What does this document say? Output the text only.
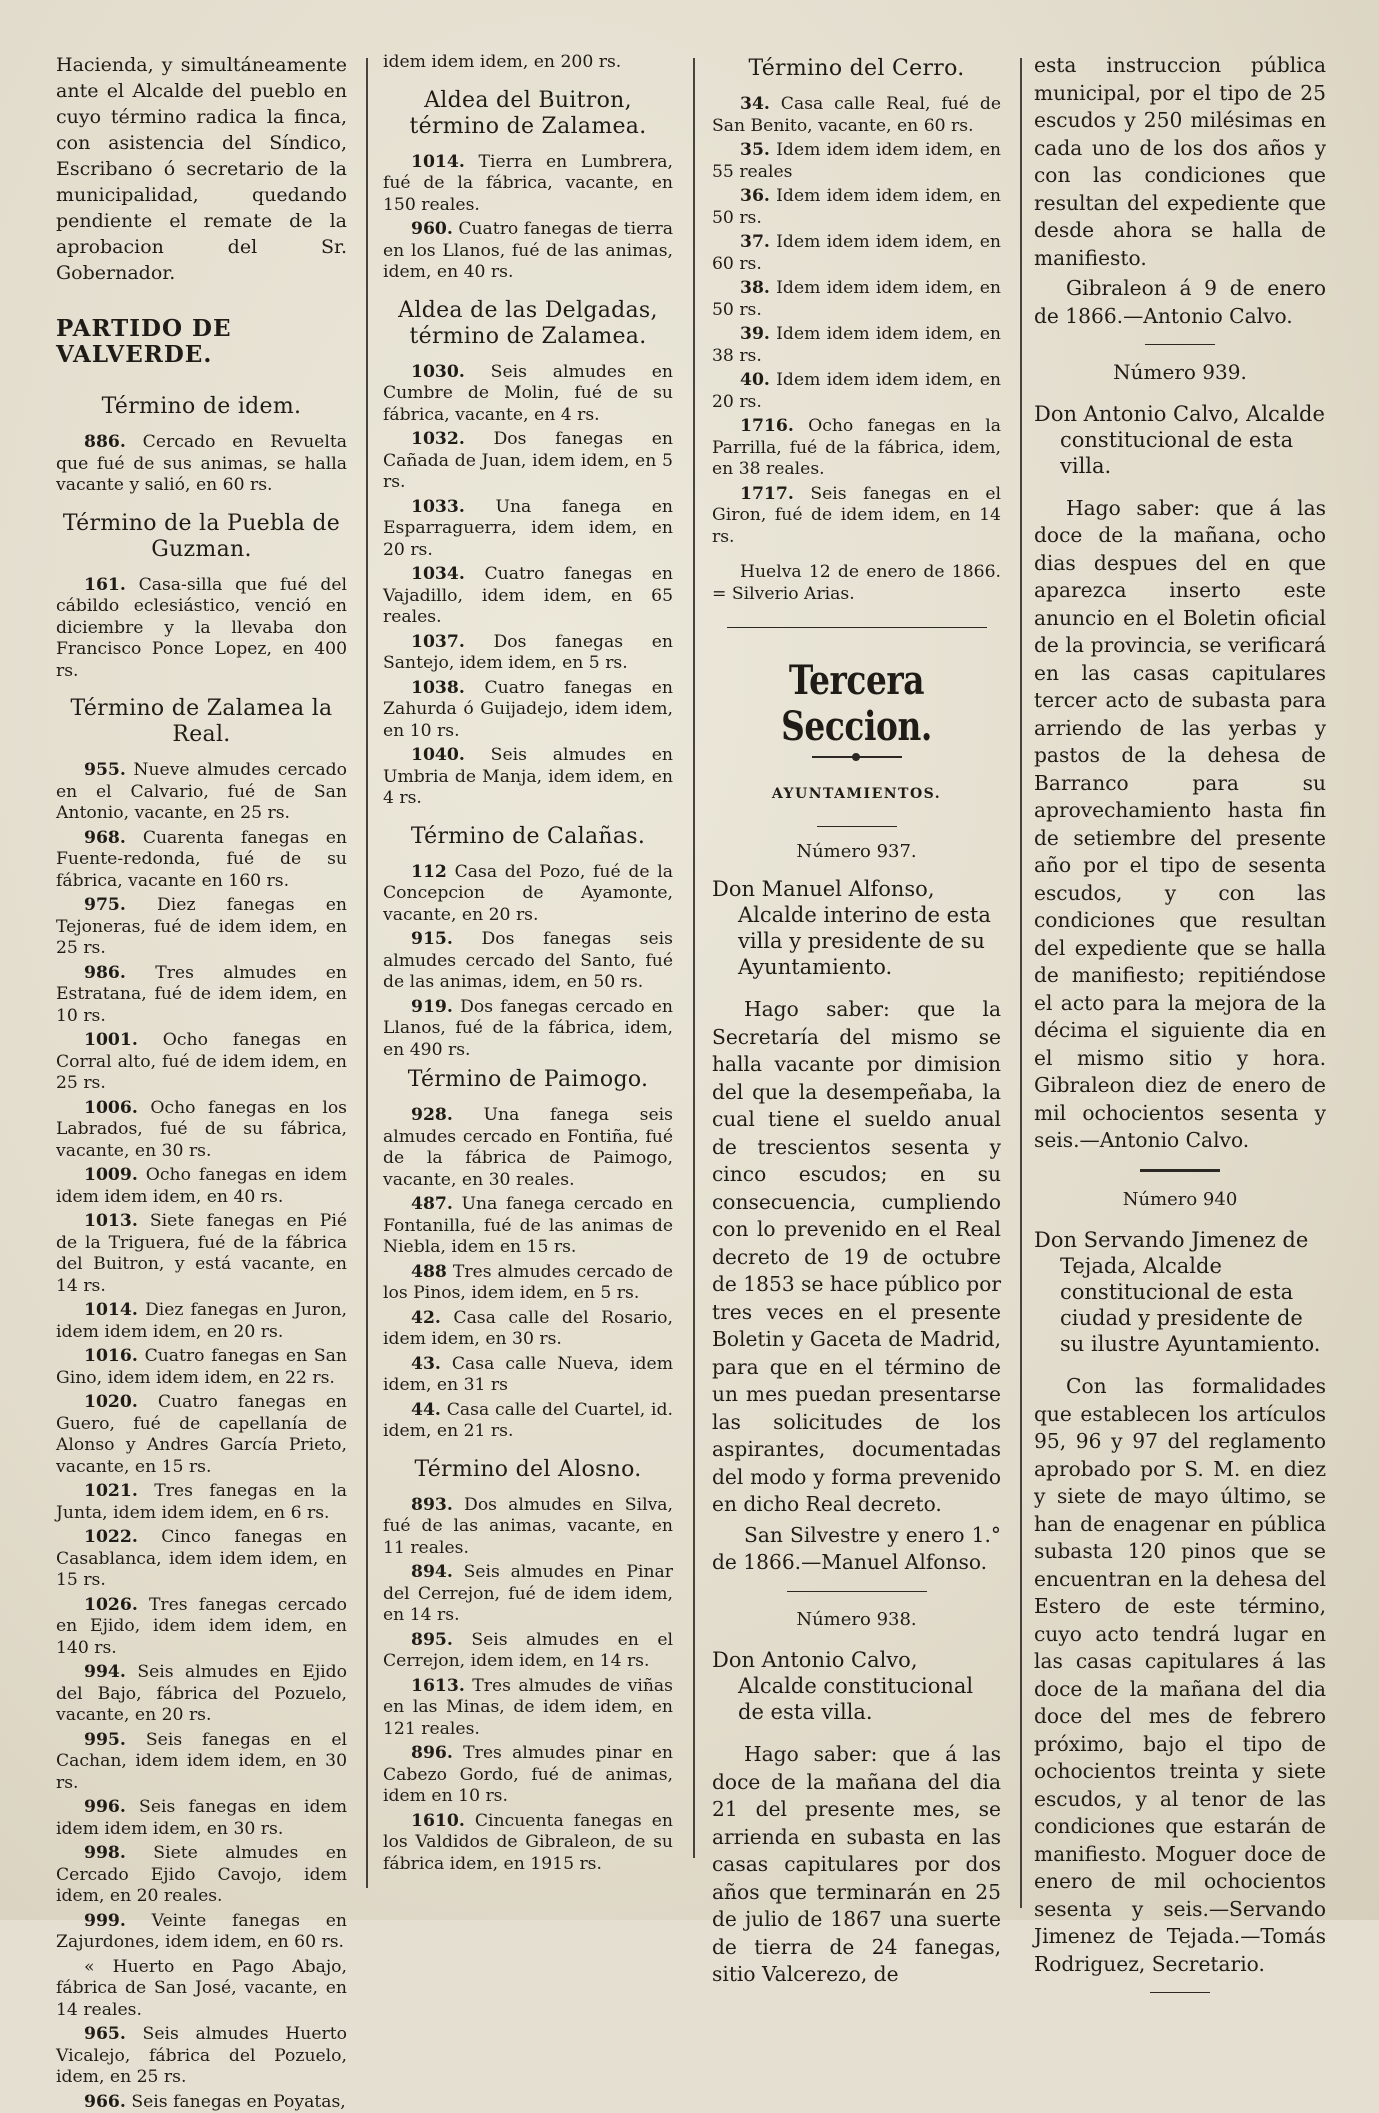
Hacienda, y simultáneamente ante el Alcalde del pueblo en cuyo término radica la finca, con asistencia del Síndico, Escribano ó secretario de la municipalidad, quedando pendiente el remate de la aprobacion del Sr. Gobernador.

PARTIDO DE VALVERDE.
Término de idem.

886. Cercado en Revuelta que fué de sus animas, se halla vacante y salió, en 60 rs.

Término de la Puebla de Guzman.

161. Casa-silla que fué del cábildo eclesiástico, venció en diciembre y la llevaba don Francisco Ponce Lopez, en 400 rs.

Término de Zalamea la Real.

955. Nueve almudes cercado en el Calvario, fué de San Antonio, vacante, en 25 rs.

968. Cuarenta fanegas en Fuente-redonda, fué de su fábrica, vacante en 160 rs.

975. Diez fanegas en Tejoneras, fué de idem idem, en 25 rs.

986. Tres almudes en Estratana, fué de idem idem, en 10 rs.

1001. Ocho fanegas en Corral alto, fué de idem idem, en 25 rs.

1006. Ocho fanegas en los Labrados, fué de su fábrica, vacante, en 30 rs.

1009. Ocho fanegas en idem idem idem idem, en 40 rs.

1013. Siete fanegas en Pié de la Triguera, fué de la fábrica del Buitron, y está vacante, en 14 rs.

1014. Diez fanegas en Juron, idem idem idem, en 20 rs.

1016. Cuatro fanegas en San Gino, idem idem idem, en 22 rs.

1020. Cuatro fanegas en Guero, fué de capellanía de Alonso y Andres García Prieto, vacante, en 15 rs.

1021. Tres fanegas en la Junta, idem idem idem, en 6 rs.

1022. Cinco fanegas en Casablanca, idem idem idem, en 15 rs.

1026. Tres fanegas cercado en Ejido, idem idem idem, en 140 rs.

994. Seis almudes en Ejido del Bajo, fábrica del Pozuelo, vacante, en 20 rs.

995. Seis fanegas en el Cachan, idem idem idem, en 30 rs.

996. Seis fanegas en idem idem idem idem, en 30 rs.

998. Siete almudes en Cercado Ejido Cavojo, idem idem, en 20 reales.

999. Veinte fanegas en Zajurdones, idem idem, en 60 rs.

« Huerto en Pago Abajo, fábrica de San José, vacante, en 14 reales.

965. Seis almudes Huerto Vicalejo, fábrica del Pozuelo, idem, en 25 rs.

966. Seis fanegas en Poyatas,

idem idem idem, en 200 rs.

Aldea del Buitron, término de Zalamea.

1014. Tierra en Lumbrera, fué de la fábrica, vacante, en 150 reales.

960. Cuatro fanegas de tierra en los Llanos, fué de las animas, idem, en 40 rs.

Aldea de las Delgadas, término de Zalamea.

1030. Seis almudes en Cumbre de Molin, fué de su fábrica, vacante, en 4 rs.

1032. Dos fanegas en Cañada de Juan, idem idem, en 5 rs.

1033. Una fanega en Esparraguerra, idem idem, en 20 rs.

1034. Cuatro fanegas en Vajadillo, idem idem, en 65 reales.

1037. Dos fanegas en Santejo, idem idem, en 5 rs.

1038. Cuatro fanegas en Zahurda ó Guijadejo, idem idem, en 10 rs.

1040. Seis almudes en Umbria de Manja, idem idem, en 4 rs.

Término de Calañas.

112 Casa del Pozo, fué de la Concepcion de Ayamonte, vacante, en 20 rs.

915. Dos fanegas seis almudes cercado del Santo, fué de las animas, idem, en 50 rs.

919. Dos fanegas cercado en Llanos, fué de la fábrica, idem, en 490 rs.

Término de Paimogo.

928. Una fanega seis almudes cercado en Fontiña, fué de la fábrica de Paimogo, vacante, en 30 reales.

487. Una fanega cercado en Fontanilla, fué de las animas de Niebla, idem en 15 rs.

488 Tres almudes cercado de los Pinos, idem idem, en 5 rs.

42. Casa calle del Rosario, idem idem, en 30 rs.

43. Casa calle Nueva, idem idem, en 31 rs

44. Casa calle del Cuartel, id. idem, en 21 rs.

Término del Alosno.

893. Dos almudes en Silva, fué de las animas, vacante, en 11 reales.

894. Seis almudes en Pinar del Cerrejon, fué de idem idem, en 14 rs.

895. Seis almudes en el Cerrejon, idem idem, en 14 rs.

1613. Tres almudes de viñas en las Minas, de idem idem, en 121 reales.

896. Tres almudes pinar en Cabezo Gordo, fué de animas, idem en 10 rs.

1610. Cincuenta fanegas en los Valdidos de Gibraleon, de su fábrica idem, en 1915 rs.

Término del Cerro.

34. Casa calle Real, fué de San Benito, vacante, en 60 rs.

35. Idem idem idem idem, en 55 reales

36. Idem idem idem idem, en 50 rs.

37. Idem idem idem idem, en 60 rs.

38. Idem idem idem idem, en 50 rs.

39. Idem idem idem idem, en 38 rs.

40. Idem idem idem idem, en 20 rs.

1716. Ocho fanegas en la Parrilla, fué de la fábrica, idem, en 38 reales.

1717. Seis fanegas en el Giron, fué de idem idem, en 14 rs.

Huelva 12 de enero de 1866. = Silverio Arias.

Tercera Seccion.
AYUNTAMIENTOS.
Número 937.

Don Manuel Alfonso, Alcalde interino de esta villa y presidente de su Ayuntamiento.

Hago saber: que la Secretaría del mismo se halla vacante por dimision del que la desempeñaba, la cual tiene el sueldo anual de trescientos sesenta y cinco escudos; en su consecuencia, cumpliendo con lo prevenido en el Real decreto de 19 de octubre de 1853 se hace público por tres veces en el presente Boletin y Gaceta de Madrid, para que en el término de un mes puedan presentarse las solicitudes de los aspirantes, documentadas del modo y forma prevenido en dicho Real decreto.

San Silvestre y enero 1.° de 1866.—Manuel Alfonso.

Número 938.

Don Antonio Calvo, Alcalde constitucional de esta villa.

Hago saber: que á las doce de la mañana del dia 21 del presente mes, se arrienda en subasta en las casas capitulares por dos años que terminarán en 25 de julio de 1867 una suerte de tierra de 24 fanegas, sitio Valcerezo, de

esta instruccion pública municipal, por el tipo de 25 escudos y 250 milésimas en cada uno de los dos años y con las condiciones que resultan del expediente que desde ahora se halla de manifiesto.

Gibraleon á 9 de enero de 1866.—Antonio Calvo.

Número 939.

Don Antonio Calvo, Alcalde constitucional de esta villa.

Hago saber: que á las doce de la mañana, ocho dias despues del en que aparezca inserto este anuncio en el Boletin oficial de la provincia, se verificará en las casas capitulares tercer acto de subasta para arriendo de las yerbas y pastos de la dehesa de Barranco para su aprovechamiento hasta fin de setiembre del presente año por el tipo de sesenta escudos, y con las condiciones que resultan del expediente que se halla de manifiesto; repitiéndose el acto para la mejora de la décima el siguiente dia en el mismo sitio y hora. Gibraleon diez de enero de mil ochocientos sesenta y seis.—Antonio Calvo.

Número 940

Don Servando Jimenez de Tejada, Alcalde constitucional de esta ciudad y presidente de su ilustre Ayuntamiento.

Con las formalidades que establecen los artículos 95, 96 y 97 del reglamento aprobado por S. M. en diez y siete de mayo último, se han de enagenar en pública subasta 120 pinos que se encuentran en la dehesa del Estero de este término, cuyo acto tendrá lugar en las casas capitulares á las doce de la mañana del dia doce del mes de febrero próximo, bajo el tipo de ochocientos treinta y siete escudos, y al tenor de las condiciones que estarán de manifiesto. Moguer doce de enero de mil ochocientos sesenta y seis.—Servando Jimenez de Tejada.—Tomás Rodriguez, Secretario.
